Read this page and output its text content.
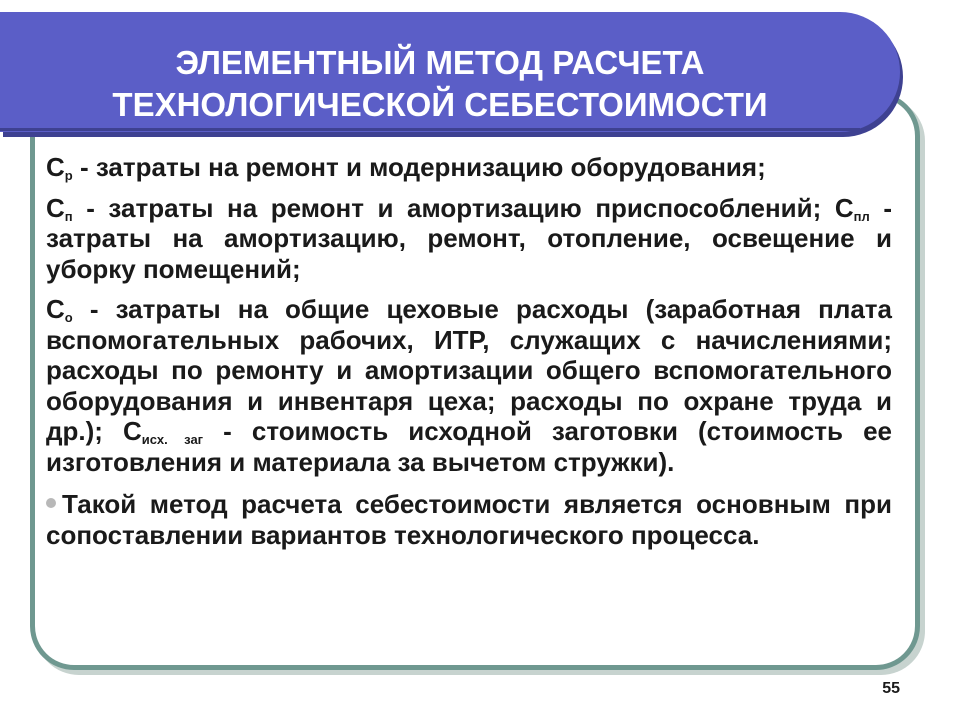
ЭЛЕМЕНТНЫЙ МЕТОД РАСЧЕТА
ТЕХНОЛОГИЧЕСКОЙ СЕБЕСТОИМОСТИ

$С_р$ - затраты на ремонт и модернизацию оборудования;

$С_п$ - затраты на ремонт и амортизацию приспособлений; $С_{пл}$ - затраты на амортизацию, ремонт, отопление, освещение и уборку помещений;

$С_о$ - затраты на общие цеховые расходы (заработная плата вспомогательных рабочих, ИТР, служащих с начислениями; расходы по ремонту и амортизации общего вспомогательного оборудования и инвентаря цеха; расходы по охране труда и др.); $С_{исх. заг}$ - стоимость исходной заготовки (стоимость ее изготовления и материала за вычетом стружки).

Такой метод расчета себестоимости является основным при сопоставлении вариантов технологического процесса.

55
